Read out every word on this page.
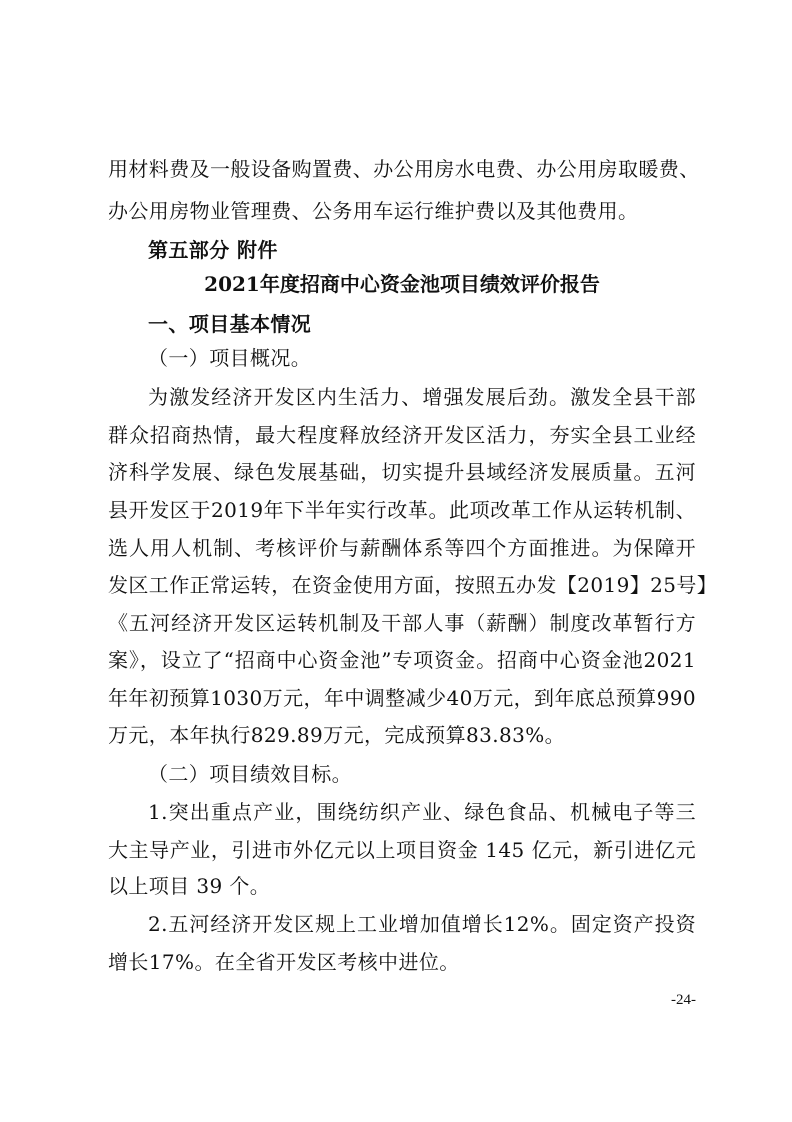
用材料费及一般设备购置费、办公用房水电费、办公用房取暖费、
办公用房物业管理费、公务用车运行维护费以及其他费用。
第五部分 附件
2021年度招商中心资金池项目绩效评价报告
一、项目基本情况
（一）项目概况。
为激发经济开发区内生活力、增强发展后劲。激发全县干部
群众招商热情，最大程度释放经济开发区活力，夯实全县工业经
济科学发展、绿色发展基础，切实提升县域经济发展质量。五河
县开发区于2019年下半年实行改革。此项改革工作从运转机制、
选人用人机制、考核评价与薪酬体系等四个方面推进。为保障开
发区工作正常运转，在资金使用方面，按照五办发【2019】25号】
《五河经济开发区运转机制及干部人事（薪酬）制度改革暂行方
案》，设立了“招商中心资金池”专项资金。招商中心资金池2021
年年初预算1030万元，年中调整减少40万元，到年底总预算990
万元，本年执行829.89万元，完成预算83.83%。
（二）项目绩效目标。
1.突出重点产业，围绕纺织产业、绿色食品、机械电子等三
大主导产业，引进市外亿元以上项目资金 145 亿元，新引进亿元
以上项目 39 个。
2.五河经济开发区规上工业增加值增长12%。固定资产投资
增长17%。在全省开发区考核中进位。
-24-
